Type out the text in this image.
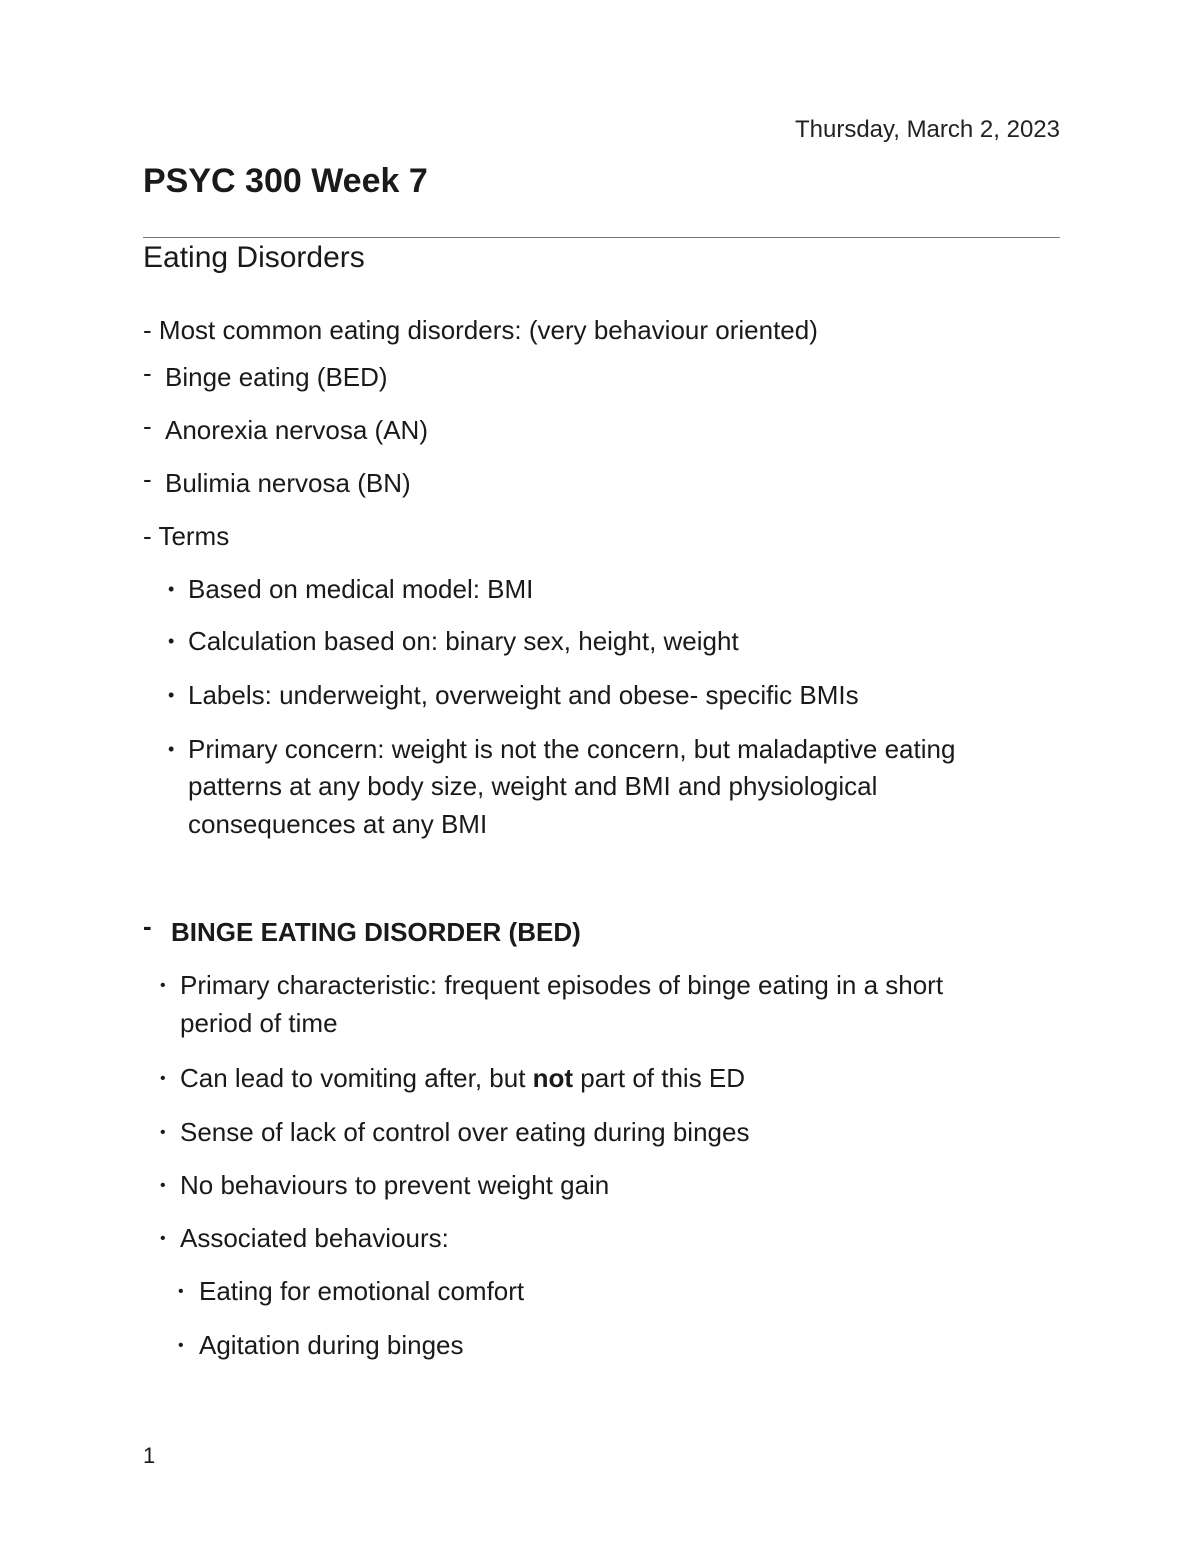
Thursday, March 2, 2023
PSYC 300 Week 7
Eating Disorders
- Most common eating disorders: (very behaviour oriented)
- Binge eating (BED)
- Anorexia nervosa (AN)
- Bulimia nervosa (BN)
- Terms
• Based on medical model: BMI
• Calculation based on: binary sex, height, weight
• Labels: underweight, overweight and obese- specific BMIs
• Primary concern: weight is not the concern, but maladaptive eating
patterns at any body size, weight and BMI and physiological
consequences at any BMI
- BINGE EATING DISORDER (BED)
• Primary characteristic: frequent episodes of binge eating in a short
period of time
• Can lead to vomiting after, but not part of this ED
• Sense of lack of control over eating during binges
• No behaviours to prevent weight gain
• Associated behaviours:
• Eating for emotional comfort
• Agitation during binges
1
